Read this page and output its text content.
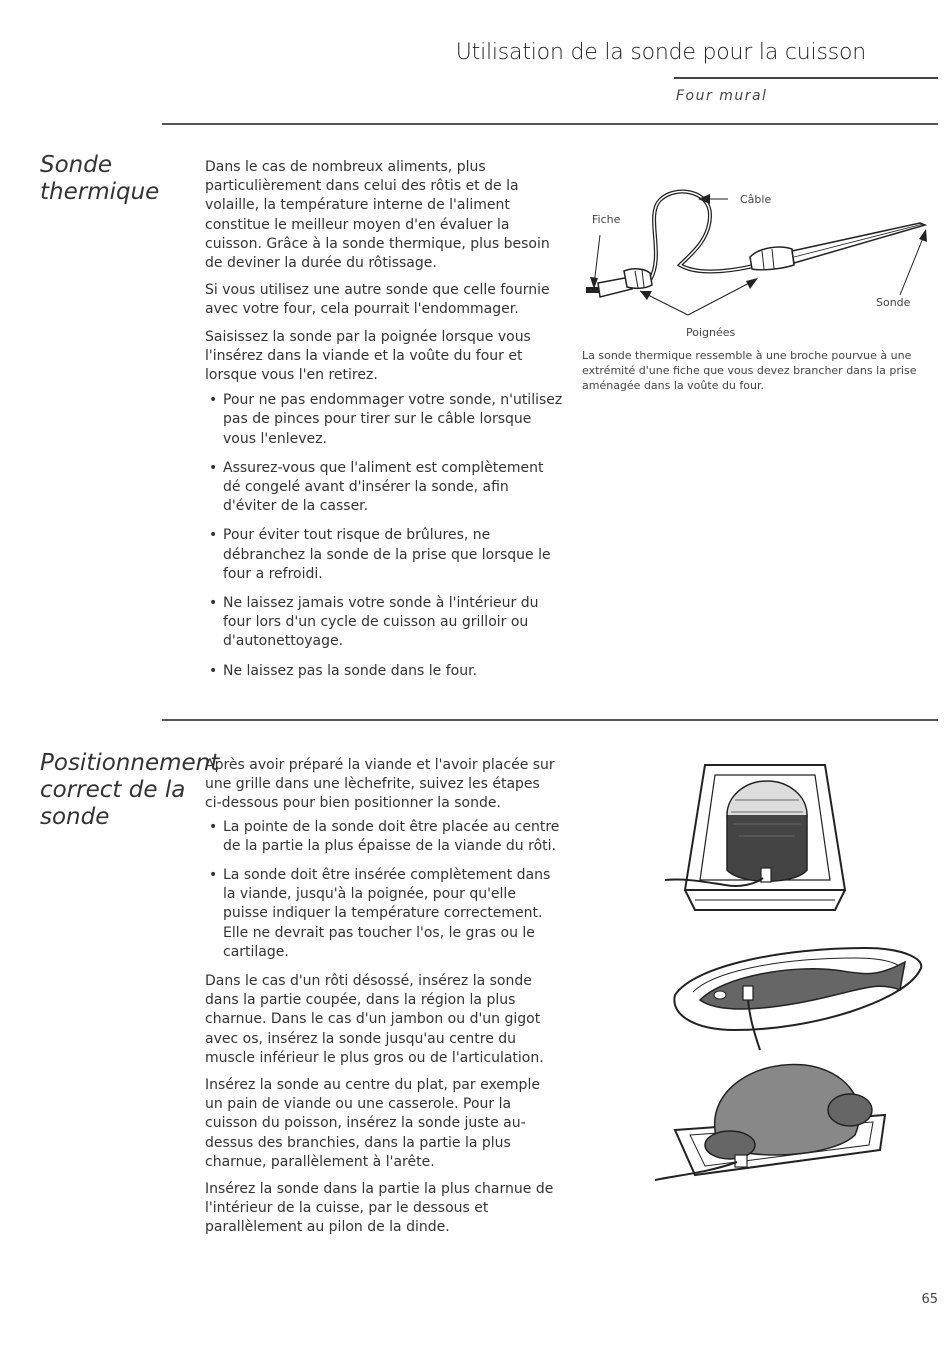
Utilisation de la sonde pour la cuisson
Four mural
Sonde
thermique

Dans le cas de nombreux aliments, plus particulièrement dans celui des rôtis et de la volaille, la température interne de l'aliment constitue le meilleur moyen d'en évaluer la cuisson. Grâce à la sonde thermique, plus besoin de deviner la durée du rôtissage.

Si vous utilisez une autre sonde que celle fournie avec votre four, cela pourrait l'endommager.

Saisissez la sonde par la poignée lorsque vous l'insérez dans la viande et la voûte du four et lorsque vous l'en retirez.

• Pour ne pas endommager votre sonde, n'utilisez pas de pinces pour tirer sur le câble lorsque vous l'enlevez.
• Assurez-vous que l'aliment est complètement dé congelé avant d'insérer la sonde, afin d'éviter de la casser.
• Pour éviter tout risque de brûlures, ne débranchez la sonde de la prise que lorsque le four a refroidi.
• Ne laissez jamais votre sonde à l'intérieur du four lors d'un cycle de cuisson au grilloir ou d'autonettoyage.
• Ne laissez pas la sonde dans le four.
Câble
Fiche
Sonde
Poignées
La sonde thermique ressemble à une broche pourvue à une extrémité d'une fiche que vous devez brancher dans la prise aménagée dans la voûte du four.
Positionnement
correct de la
sonde

Après avoir préparé la viande et l'avoir placée sur une grille dans une lèchefrite, suivez les étapes ci-dessous pour bien positionner la sonde.

• La pointe de la sonde doit être placée au centre de la partie la plus épaisse de la viande du rôti.
• La sonde doit être insérée complètement dans la viande, jusqu'à la poignée, pour qu'elle puisse indiquer la température correctement. Elle ne devrait pas toucher l'os, le gras ou le cartilage.

Dans le cas d'un rôti désossé, insérez la sonde dans la partie coupée, dans la région la plus charnue. Dans le cas d'un jambon ou d'un gigot avec os, insérez la sonde jusqu'au centre du muscle inférieur le plus gros ou de l'articulation.

Insérez la sonde au centre du plat, par exemple un pain de viande ou une casserole. Pour la cuisson du poisson, insérez la sonde juste au-dessus des branchies, dans la partie la plus charnue, parallèlement à l'arête.

Insérez la sonde dans la partie la plus charnue de l'intérieur de la cuisse, par le dessous et parallèlement au pilon de la dinde.

65
